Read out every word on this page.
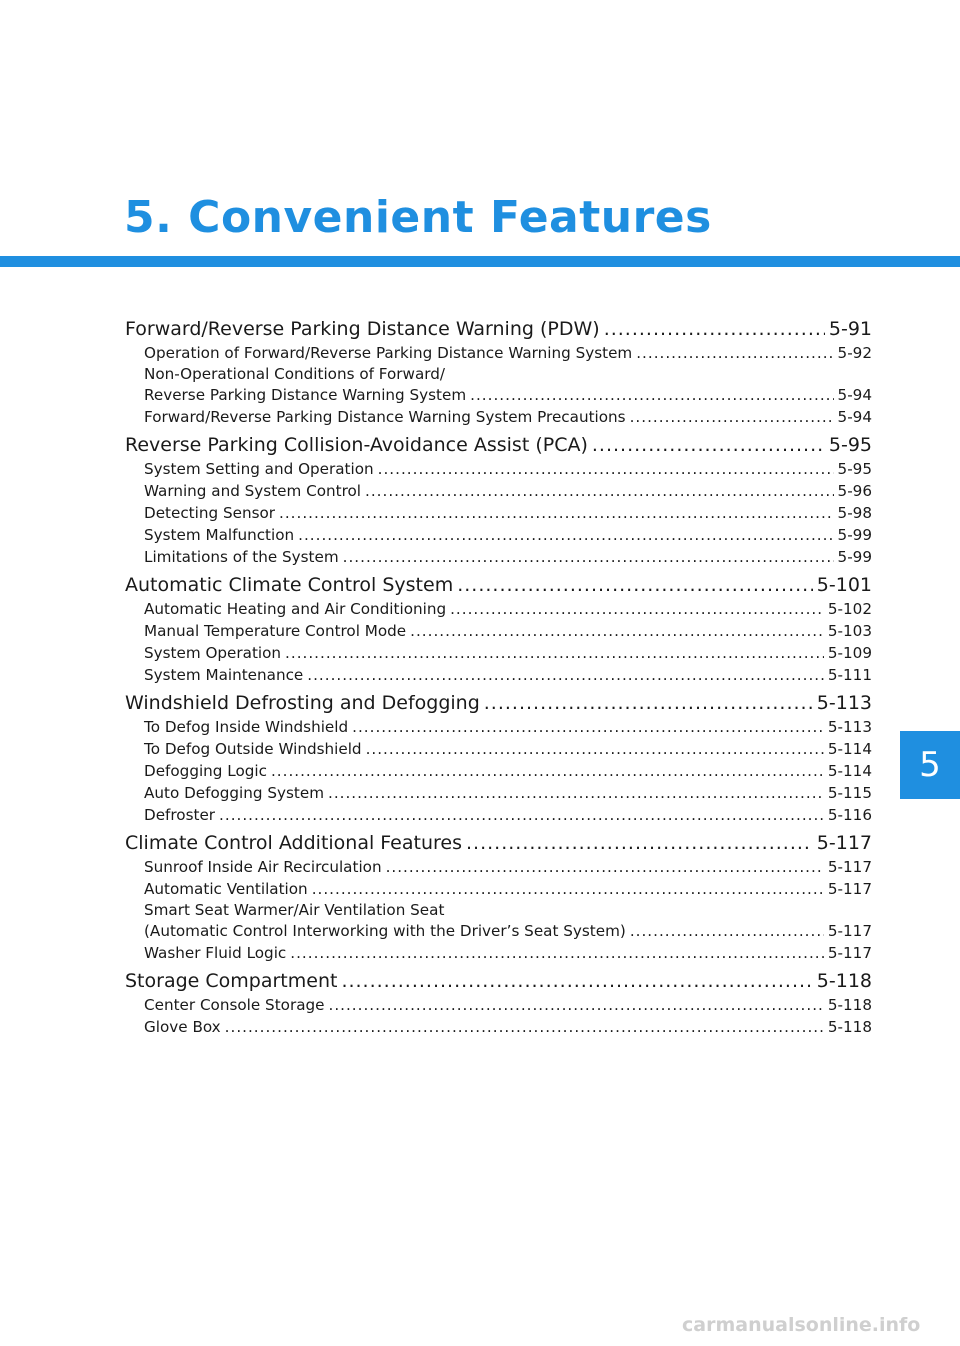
5. Convenient Features
Forward/Reverse Parking Distance Warning (PDW) .....	5-91
Operation of Forward/Reverse Parking Distance Warning System .....	5-92
Non-Operational Conditions of Forward/
Reverse Parking Distance Warning System .....	5-94
Forward/Reverse Parking Distance Warning System Precautions .....	5-94
Reverse Parking Collision-Avoidance Assist (PCA) .....	5-95
System Setting and Operation .....	5-95
Warning and System Control .....	5-96
Detecting Sensor .....	5-98
System Malfunction .....	5-99
Limitations of the System .....	5-99
Automatic Climate Control System .....	5-101
Automatic Heating and Air Conditioning .....	5-102
Manual Temperature Control Mode .....	5-103
System Operation .....	5-109
System Maintenance .....	5-111
Windshield Defrosting and Defogging .....	5-113
To Defog Inside Windshield .....	5-113
To Defog Outside Windshield .....	5-114
Defogging Logic .....	5-114
Auto Defogging System .....	5-115
Defroster .....	5-116
Climate Control Additional Features .....	5-117
Sunroof Inside Air Recirculation .....	5-117
Automatic Ventilation .....	5-117
Smart Seat Warmer/Air Ventilation Seat
(Automatic Control Interworking with the Driver’s Seat System) .....	5-117
Washer Fluid Logic .....	5-117
Storage Compartment .....	5-118
Center Console Storage .....	5-118
Glove Box .....	5-118
5
carmanualsonline.info
